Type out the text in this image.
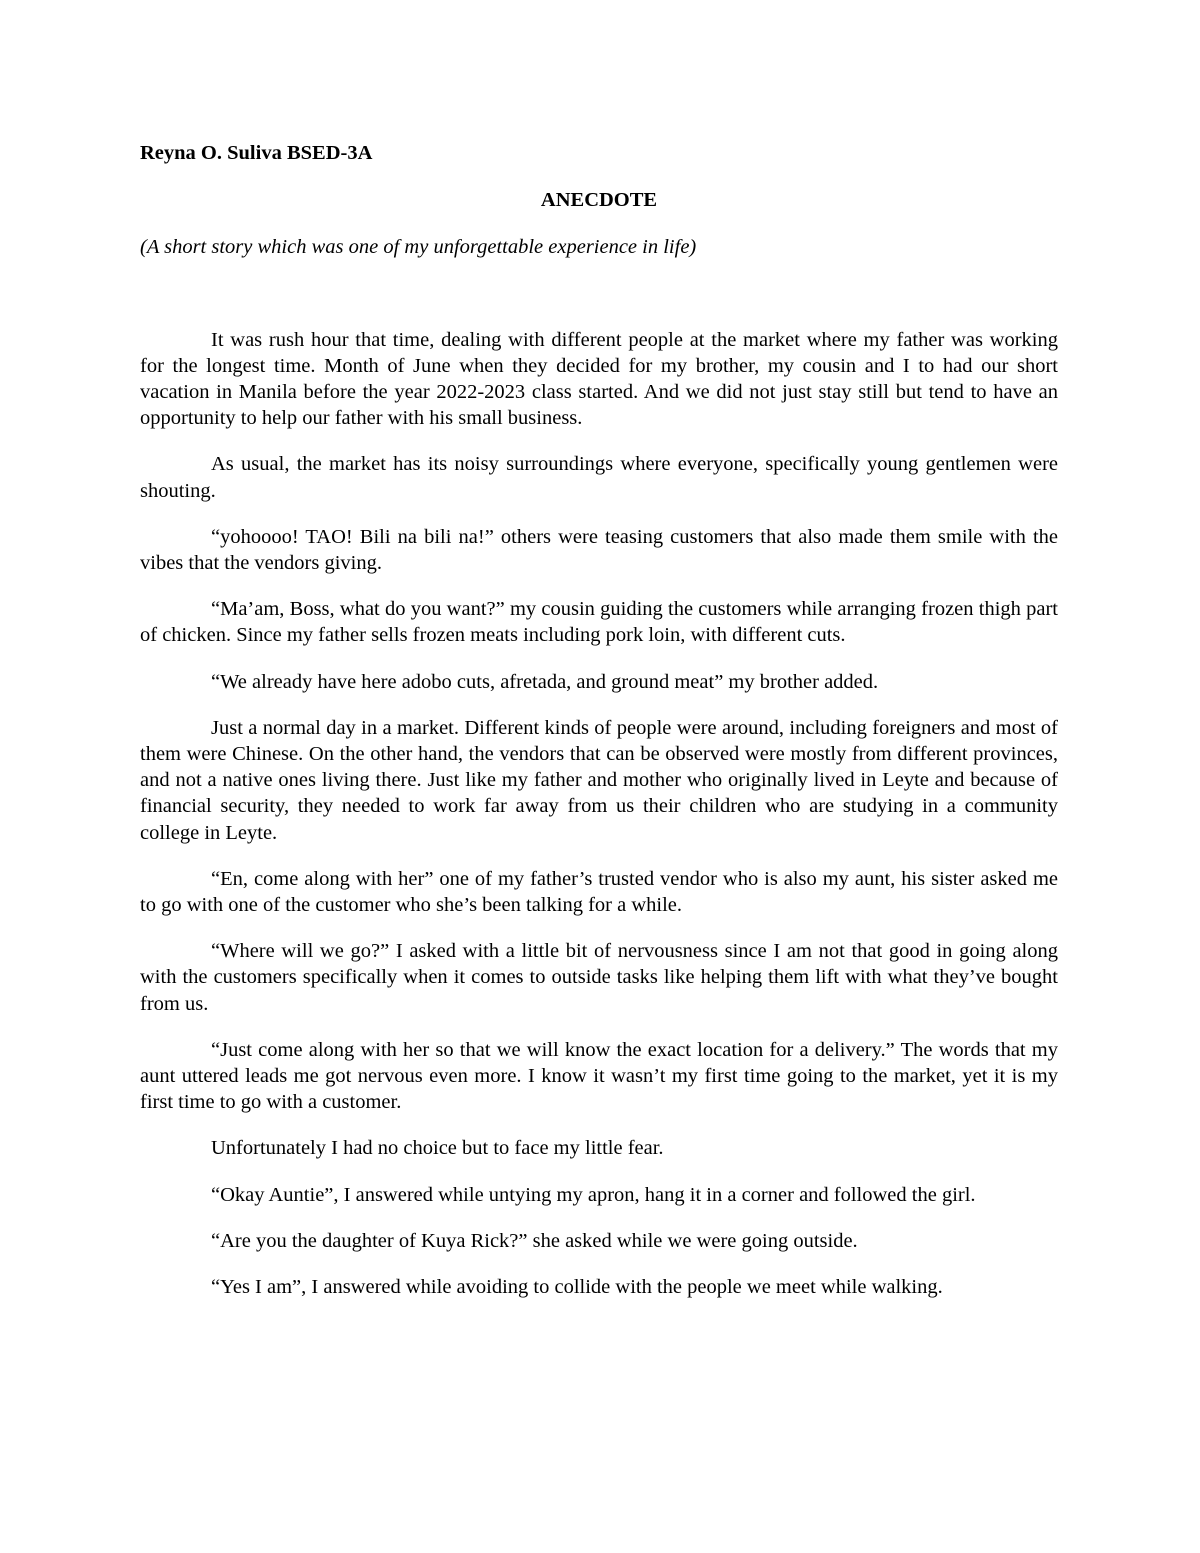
Reyna O. Suliva BSED-3A
ANECDOTE
(A short story which was one of my unforgettable experience in life)

It was rush hour that time, dealing with different people at the market where my father was working for the longest time. Month of June when they decided for my brother, my cousin and I to had our short vacation in Manila before the year 2022-2023 class started. And we did not just stay still but tend to have an opportunity to help our father with his small business.

As usual, the market has its noisy surroundings where everyone, specifically young gentlemen were shouting.

“yohoooo! TAO! Bili na bili na!” others were teasing customers that also made them smile with the vibes that the vendors giving.

“Ma’am, Boss, what do you want?” my cousin guiding the customers while arranging frozen thigh part of chicken. Since my father sells frozen meats including pork loin, with different cuts.

“We already have here adobo cuts, afretada, and ground meat” my brother added.

Just a normal day in a market. Different kinds of people were around, including foreigners and most of them were Chinese. On the other hand, the vendors that can be observed were mostly from different provinces, and not a native ones living there. Just like my father and mother who originally lived in Leyte and because of financial security, they needed to work far away from us their children who are studying in a community college in Leyte.

“En, come along with her” one of my father’s trusted vendor who is also my aunt, his sister asked me to go with one of the customer who she’s been talking for a while.

“Where will we go?” I asked with a little bit of nervousness since I am not that good in going along with the customers specifically when it comes to outside tasks like helping them lift with what they’ve bought from us.

“Just come along with her so that we will know the exact location for a delivery.” The words that my aunt uttered leads me got nervous even more. I know it wasn’t my first time going to the market, yet it is my first time to go with a customer.

Unfortunately I had no choice but to face my little fear.

“Okay Auntie”, I answered while untying my apron, hang it in a corner and followed the girl.

“Are you the daughter of Kuya Rick?” she asked while we were going outside.

“Yes I am”, I answered while avoiding to collide with the people we meet while walking.
